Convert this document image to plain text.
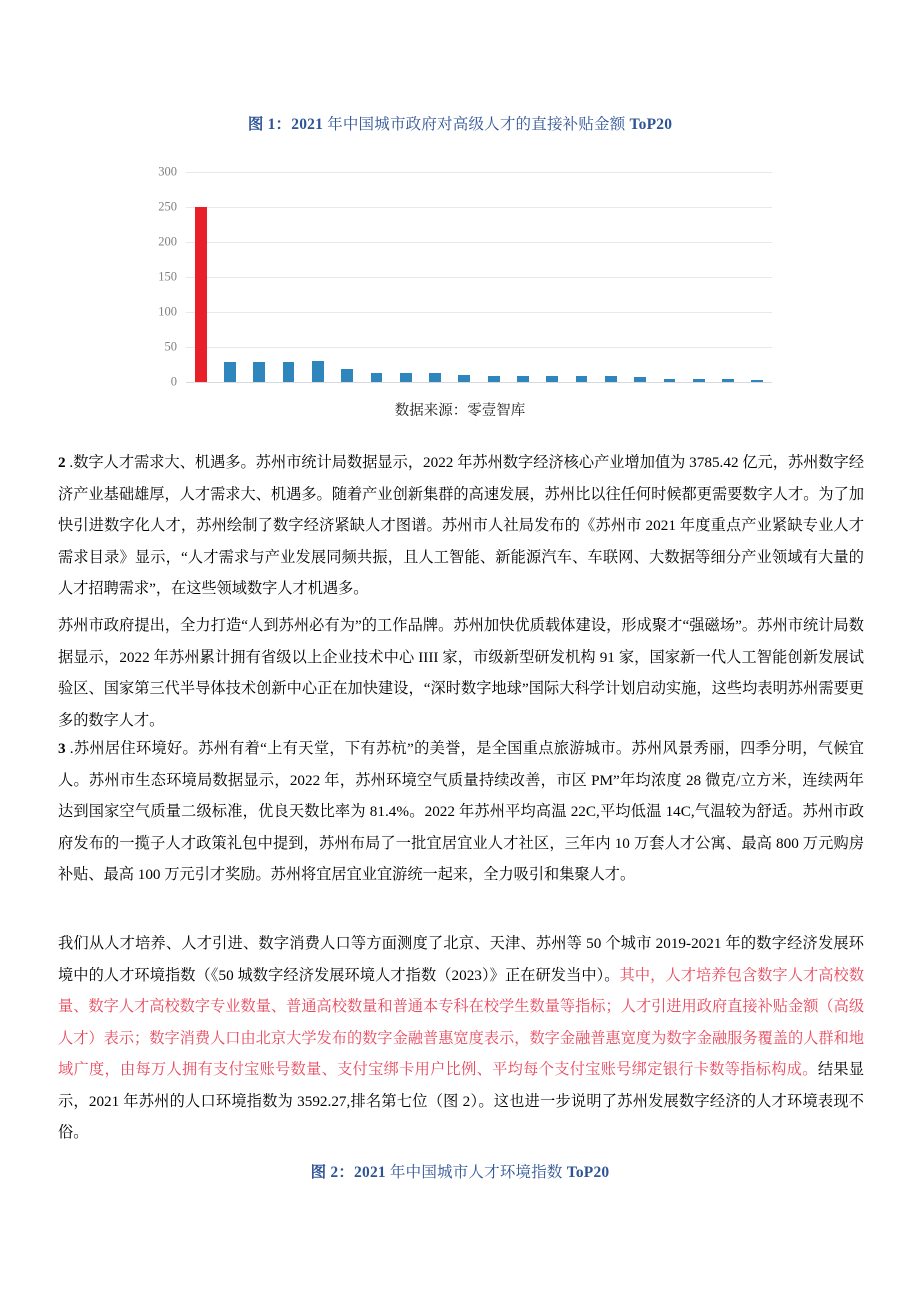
图 1：2021 年中国城市政府对高级人才的直接补贴金额 ToP20
300
250
200
150
100
50
0
数据来源：零壹智库
2 .数字人才需求大、机遇多。苏州市统计局数据显示，2022 年苏州数字经济核心产业增加值为 3785.42 亿元，苏州数字经济产业基础雄厚，人才需求大、机遇多。随着产业创新集群的高速发展，苏州比以往任何时候都更需要数字人才。为了加快引进数字化人才，苏州绘制了数字经济紧缺人才图谱。苏州市人社局发布的《苏州市 2021 年度重点产业紧缺专业人才需求目录》显示，“人才需求与产业发展同频共振，且人工智能、新能源汽车、车联网、大数据等细分产业领域有大量的人才招聘需求”，在这些领域数字人才机遇多。
苏州市政府提出，全力打造“人到苏州必有为”的工作品牌。苏州加快优质载体建设，形成聚才“强磁场”。苏州市统计局数据显示，2022 年苏州累计拥有省级以上企业技术中心 IIII 家，市级新型研发机构 91 家，国家新一代人工智能创新发展试验区、国家第三代半导体技术创新中心正在加快建设，“深时数字地球”国际大科学计划启动实施，这些均表明苏州需要更多的数字人才。
3 .苏州居住环境好。苏州有着“上有天堂，下有苏杭”的美誉，是全国重点旅游城市。苏州风景秀丽，四季分明，气候宜人。苏州市生态环境局数据显示，2022 年，苏州环境空气质量持续改善，市区 PM”年均浓度 28 微克/立方米，连续两年达到国家空气质量二级标准，优良天数比率为 81.4%。2022 年苏州平均高温 22C,平均低温 14C,气温较为舒适。苏州市政府发布的一揽子人才政策礼包中提到，苏州布局了一批宜居宜业人才社区，三年内 10 万套人才公寓、最高 800 万元购房补贴、最高 100 万元引才奖励。苏州将宜居宜业宜游统一起来，全力吸引和集聚人才。
我们从人才培养、人才引进、数字消费人口等方面测度了北京、天津、苏州等 50 个城市 2019-2021 年的数字经济发展环境中的人才环境指数（《50 城数字经济发展环境人才指数（2023）》正在研发当中）。其中，人才培养包含数字人才高校数量、数字人才高校数字专业数量、普通高校数量和普通本专科在校学生数量等指标；人才引进用政府直接补贴金额（高级人才）表示；数字消费人口由北京大学发布的数字金融普惠宽度表示，数字金融普惠宽度为数字金融服务覆盖的人群和地域广度，由每万人拥有支付宝账号数量、支付宝绑卡用户比例、平均每个支付宝账号绑定银行卡数等指标构成。结果显示，2021 年苏州的人口环境指数为 3592.27,排名第七位（图 2）。这也进一步说明了苏州发展数字经济的人才环境表现不俗。
图 2：2021 年中国城市人才环境指数 ToP20
